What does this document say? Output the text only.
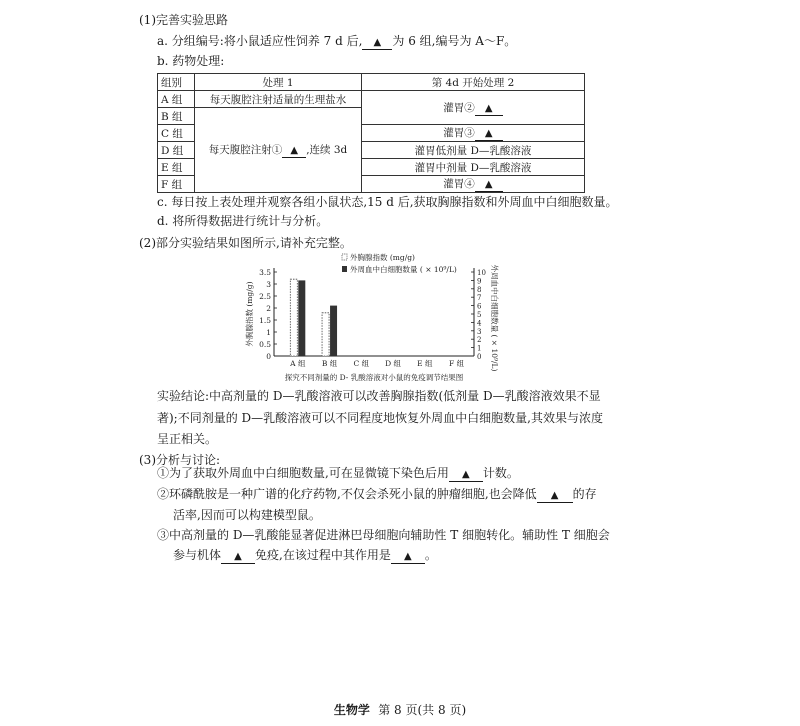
(1)完善实验思路
a. 分组编号:将小鼠适应性饲养 7 d 后, ▲ 为 6 组,编号为 A～F。
b. 药物处理:
组别	处理 1	第 4d 开始处理 2
A 组	每天腹腔注射适量的生理盐水	灌胃② ▲
B 组	每天腹腔注射① ▲ ,连续 3d	
C 组		灌胃③ ▲
D 组		灌胃低剂量 D—乳酸溶液
E 组		灌胃中剂量 D—乳酸溶液
F 组		灌胃④ ▲
c. 每日按上表处理并观察各组小鼠状态,15 d 后,获取胸腺指数和外周血中白细胞数量。
d. 将所得数据进行统计与分析。
(2)部分实验结果如图所示,请补充完整。
0
0.5
1
1.5
2
2.5
3
3.5
0
1
2
3
4
5
6
7
8
9
10
A 组 B 组 C 组 D 组 E 组 F 组
外胸腺指数 (mg/g)
外周血中白细胞数量 ( × 10⁹/L)
外胸腺指数 (mg/g)	外周血中白细胞数量 ( × 10⁹/L)
探究不同剂量的 D- 乳酸溶液对小鼠的免疫调节结果图
实验结论:中高剂量的 D—乳酸溶液可以改善胸腺指数(低剂量 D—乳酸溶液效果不显
著);不同剂量的 D—乳酸溶液可以不同程度地恢复外周血中白细胞数量,其效果与浓度
呈正相关。
(3)分析与讨论:
①为了获取外周血中白细胞数量,可在显微镜下染色后用 ▲ 计数。
②环磷酰胺是一种广谱的化疗药物,不仅会杀死小鼠的肿瘤细胞,也会降低 ▲ 的存
活率,因而可以构建模型鼠。
③中高剂量的 D—乳酸能显著促进淋巴母细胞向辅助性 T 细胞转化。辅助性 T 细胞会
参与机体 ▲ 免疫,在该过程中其作用是 ▲ 。
生物学 第 8 页(共 8 页)
